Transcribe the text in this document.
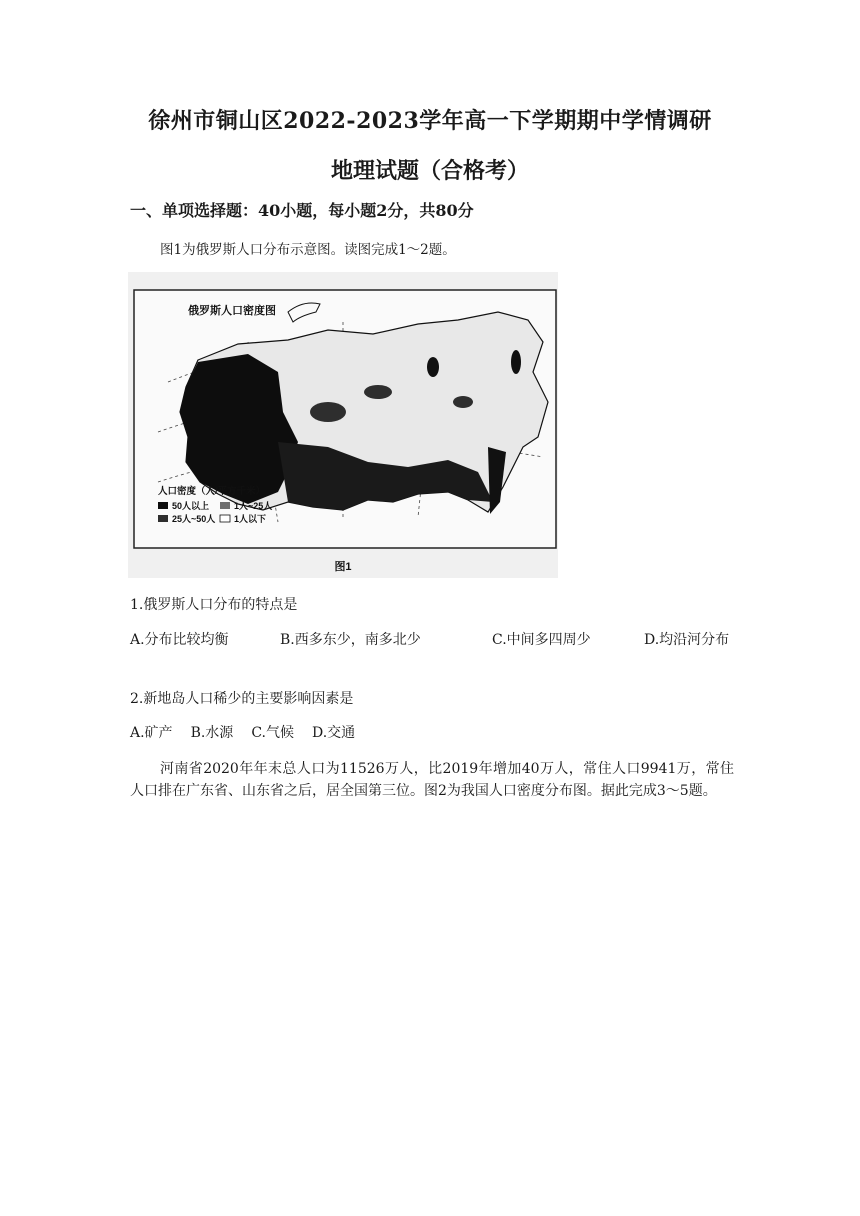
徐州市铜山区2022-2023学年高一下学期期中学情调研
地理试题（合格考）
一、单项选择题：40小题，每小题2分，共80分
图1为俄罗斯人口分布示意图。读图完成1～2题。
俄罗斯人口密度图
人口密度（人/平方千米）
50人以上	1人~25人
25人~50人 1人以下
图1
1.俄罗斯人口分布的特点是
A.分布比较均衡	B.西多东少，南多北少	C.中间多四周少	D.均沿河分布
2.新地岛人口稀少的主要影响因素是
A.矿产 B.水源 C.气候 D.交通
河南省2020年年末总人口为11526万人，比2019年增加40万人，常住人口9941万，常住人口排在广东省、山东省之后，居全国第三位。图2为我国人口密度分布图。据此完成3～5题。
